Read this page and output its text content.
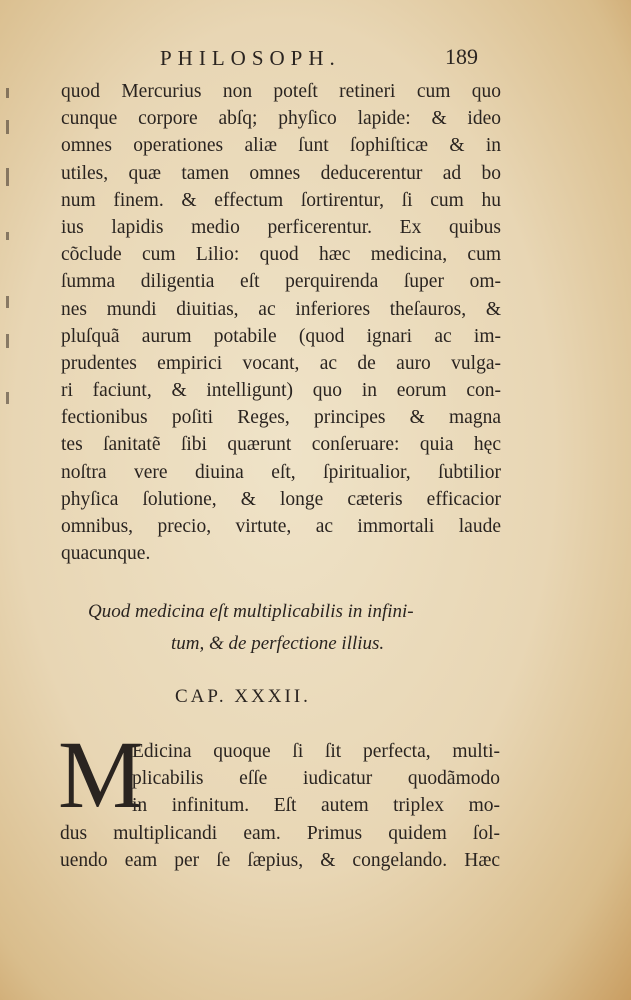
PHILOSOPH.	189
quod Mercurius non poteſt retineri cum quo
cunque corpore abſq; phyſico lapide: & ideo
omnes operationes aliæ ſunt ſophiſticæ & in
utiles, quæ tamen omnes deducerentur ad bo
num finem. & effectum ſortirentur, ſi cum hu
ius lapidis medio perficerentur. Ex quibus
cõclude cum Lilio: quod hæc medicina, cum
ſumma diligentia eſt perquirenda ſuper om-
nes mundi diuitias, ac inferiores theſauros, &
pluſquã aurum potabile (quod ignari ac im-
prudentes empirici vocant, ac de auro vulga-
ri faciunt, & intelligunt) quo in eorum con-
fectionibus poſiti Reges, principes & magna
tes ſanitatẽ ſibi quærunt conſeruare: quia hęc
noſtra vere diuina eſt, ſpiritualior, ſubtilior
phyſica ſolutione, & longe cæteris efficacior
omnibus, precio, virtute, ac immortali laude
quacunque.
Quod medicina eſt multiplicabilis in infini-
tum, & de perfectione illius.
CAP. XXXII.
M
Edicina quoque ſi ſit perfecta, multi-
plicabilis eſſe iudicatur quodãmodo
in infinitum. Eſt autem triplex mo-
dus multiplicandi eam. Primus quidem ſol-
uendo eam per ſe ſæpius, & congelando. Hæc
